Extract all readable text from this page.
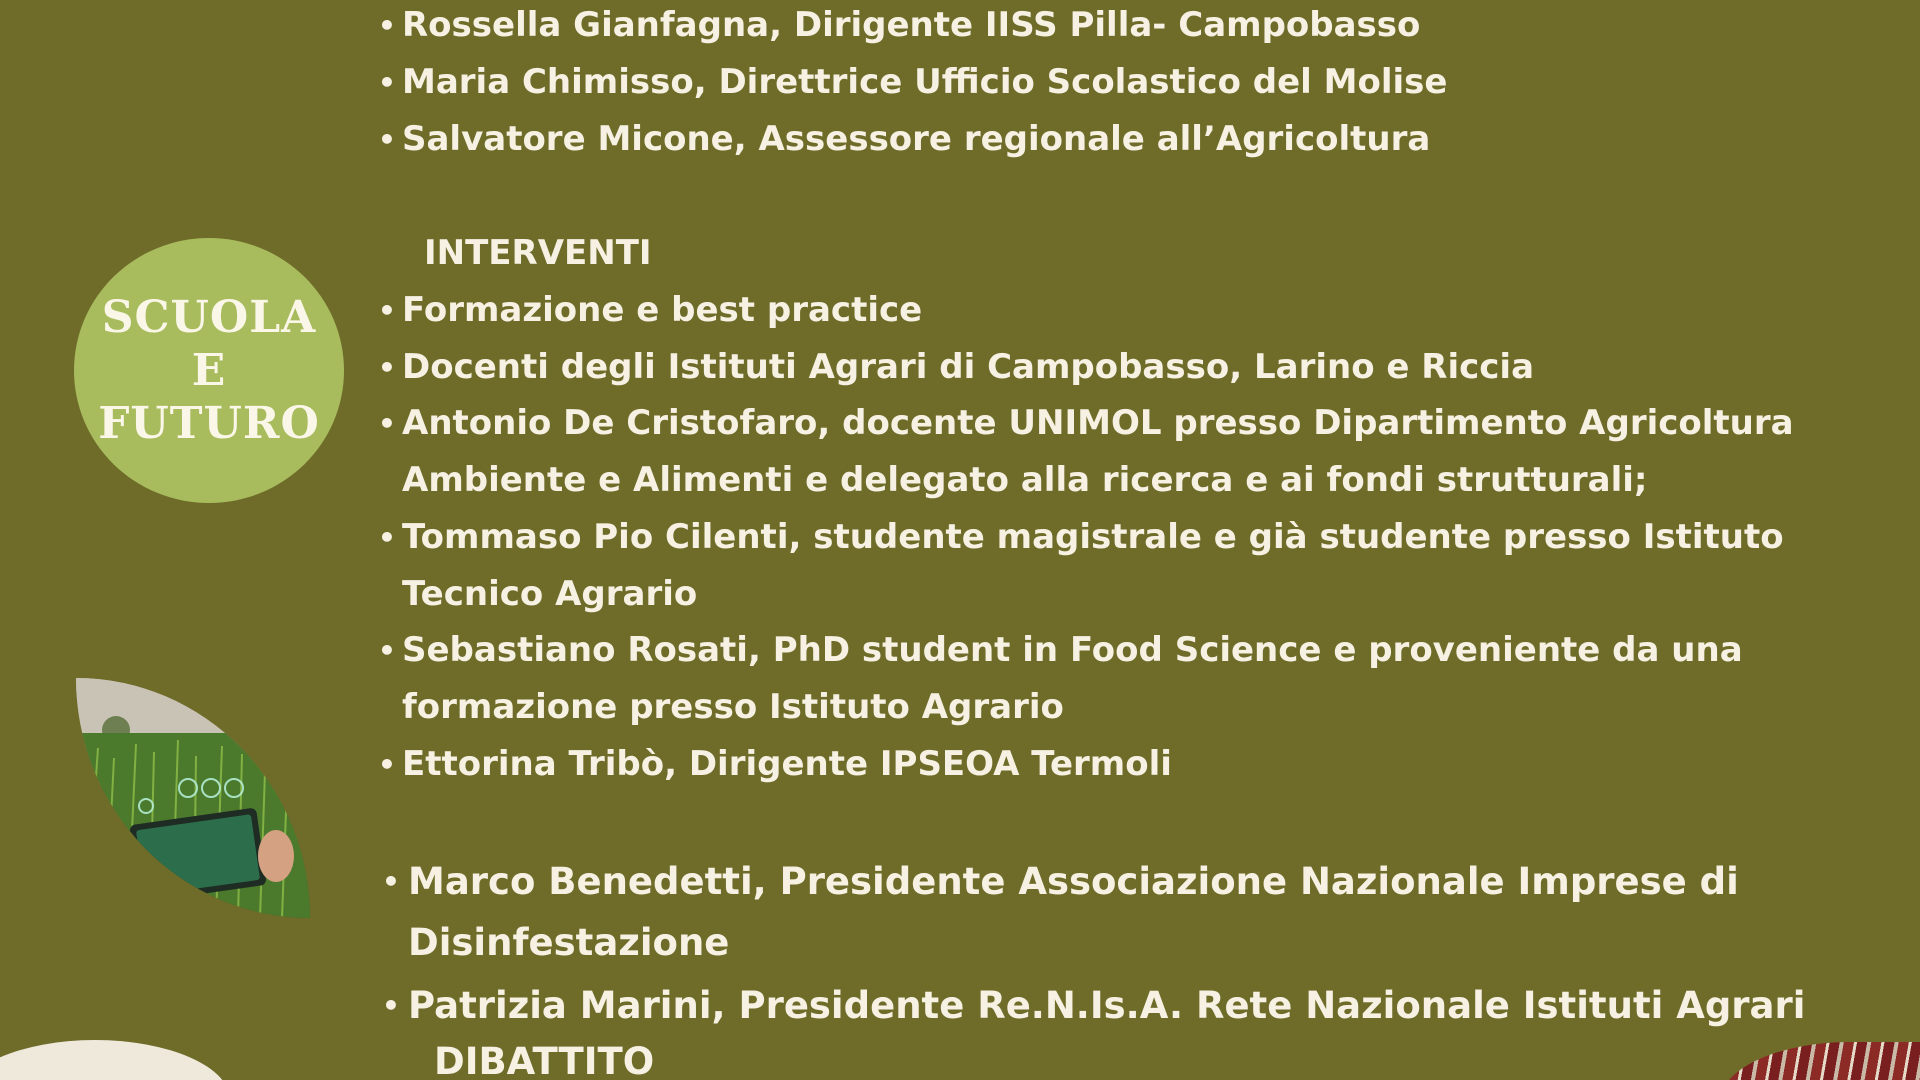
SCUOLA
E
FUTURO
• Rossella Gianfagna, Dirigente IISS Pilla- Campobasso
• Maria Chimisso, Direttrice Ufficio Scolastico del Molise
• Salvatore Micone, Assessore regionale all’Agricoltura
INTERVENTI
• Formazione e best practice
• Docenti degli Istituti Agrari di Campobasso, Larino e Riccia
• Antonio De Cristofaro, docente UNIMOL presso Dipartimento Agricoltura
Ambiente e Alimenti e delegato alla ricerca e ai fondi strutturali;
• Tommaso Pio Cilenti, studente magistrale e già studente presso Istituto
Tecnico Agrario
• Sebastiano Rosati, PhD student in Food Science e proveniente da una
formazione presso Istituto Agrario
• Ettorina Tribò, Dirigente IPSEOA Termoli
• Marco Benedetti, Presidente Associazione Nazionale Imprese di
Disinfestazione
• Patrizia Marini, Presidente Re.N.Is.A. Rete Nazionale Istituti Agrari
DIBATTITO
